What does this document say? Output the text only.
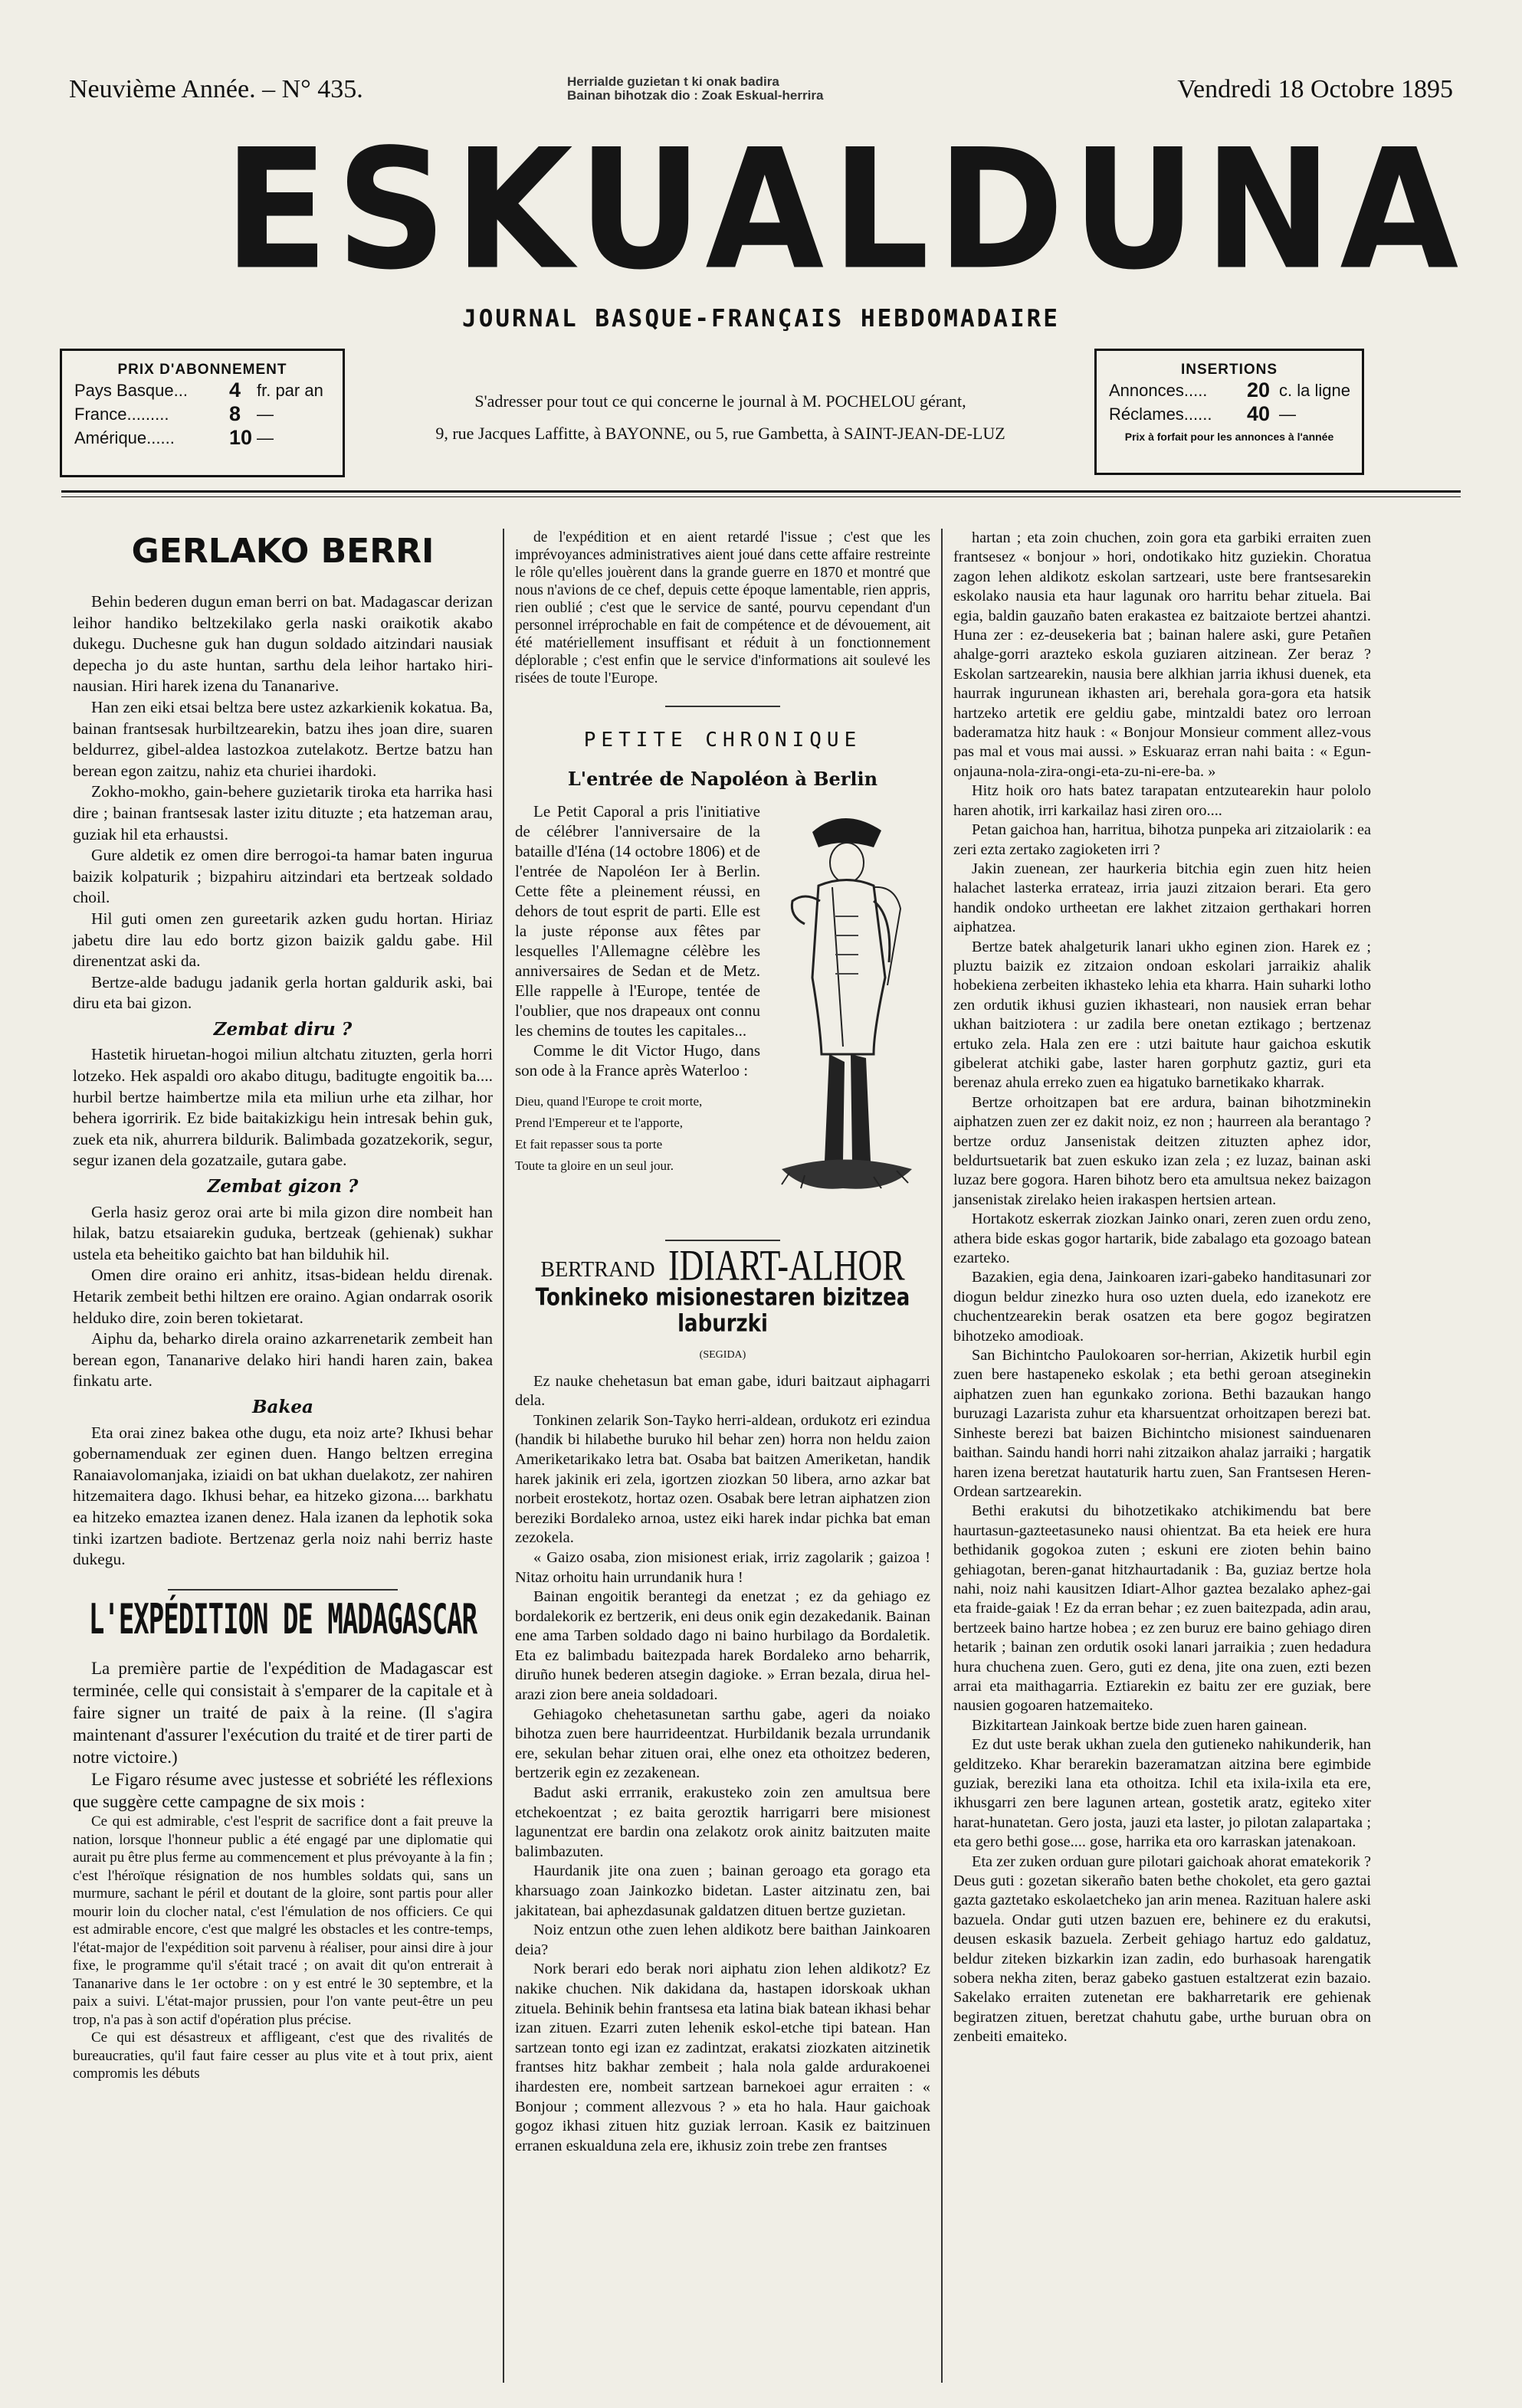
Neuvième Année. – N° 435.	Herrialde guzietan t ki onak badira
Bainan bihotzak dio : Zoak Eskual-herrira	Vendredi 18 Octobre 1895
ESKUALDUNA
JOURNAL BASQUE-FRANÇAIS HEBDOMADAIRE
PRIX D'ABONNEMENT
Pays Basque... 4 fr. par an
France.........	8 —
Amérique......	10 —
S'adresser pour tout ce qui concerne le journal à M. POCHELOU gérant,
9, rue Jacques Laffitte, à BAYONNE, ou 5, rue Gambetta, à SAINT-JEAN-DE-LUZ
INSERTIONS
Annonces..... 20 c. la ligne
Réclames...... 40 —
Prix à forfait pour les annonces à l'année
GERLAKO BERRI

Behin bederen dugun eman berri on bat. Madagascar derizan leihor handiko beltzekilako gerla naski oraikotik akabo dukegu. Duchesne guk han dugun soldado aitzindari nausiak depecha jo du aste huntan, sarthu dela leihor hartako hiri-nausian. Hiri harek izena du Tananarive.

Han zen eiki etsai beltza bere ustez azkarkienik kokatua. Ba, bainan frantsesak hurbiltzearekin, batzu ihes joan dire, suaren beldurrez, gibel-aldea lastozkoa zutelakotz. Bertze batzu han berean egon zaitzu, nahiz eta churiei ihardoki.

Zokho-mokho, gain-behere guzietarik tiroka eta harrika hasi dire ; bainan frantsesak laster izitu dituzte ; eta hatzeman arau, guziak hil eta erhaustsi.

Gure aldetik ez omen dire berrogoi-ta hamar baten ingurua baizik kolpaturik ; bizpahiru aitzindari eta bertzeak soldado choil.

Hil guti omen zen gureetarik azken gudu hortan. Hiriaz jabetu dire lau edo bortz gizon baizik galdu gabe. Hil direnentzat aski da.

Bertze-alde badugu jadanik gerla hortan galdurik aski, bai diru eta bai gizon.

Zembat diru ?

Hastetik hiruetan-hogoi miliun altchatu zituzten, gerla horri lotzeko. Hek aspaldi oro akabo ditugu, baditugte engoitik ba.... hurbil bertze haimbertze mila eta miliun urhe eta zilhar, hor behera igorririk. Ez bide baitakizkigu hein intresak behin guk, zuek eta nik, ahurrera bildurik. Balimbada gozatzekorik, segur, segur izanen dela gozatzaile, gutara gabe.

Zembat gizon ?

Gerla hasiz geroz orai arte bi mila gizon dire nombeit han hilak, batzu etsaiarekin guduka, bertzeak (gehienak) sukhar ustela eta beheitiko gaichto bat han bilduhik hil.

Omen dire oraino eri anhitz, itsas-bidean heldu direnak. Hetarik zembeit bethi hiltzen ere oraino. Agian ondarrak osorik helduko dire, zoin beren tokietarat.

Aiphu da, beharko direla oraino azkarrenetarik zembeit han berean egon, Tananarive delako hiri handi haren zain, bakea finkatu arte.

Bakea

Eta orai zinez bakea othe dugu, eta noiz arte? Ikhusi behar gobernamenduak zer eginen duen. Hango beltzen erregina Ranaiavolomanjaka, iziaidi on bat ukhan duelakotz, zer nahiren hitzemaitera dago. Ikhusi behar, ea hitzeko gizona.... barkhatu ea hitzeko emaztea izanen denez. Hala izanen da lephotik soka tinki izartzen badiote. Bertzenaz gerla noiz nahi berriz haste dukegu.

L'EXPÉDITION DE MADAGASCAR

La première partie de l'expédition de Madagascar est terminée, celle qui consistait à s'emparer de la capitale et à faire signer un traité de paix à la reine. (Il s'agira maintenant d'assurer l'exécution du traité et de tirer parti de notre victoire.)

Le Figaro résume avec justesse et sobriété les réflexions que suggère cette campagne de six mois :

Ce qui est admirable, c'est l'esprit de sacrifice dont a fait preuve la nation, lorsque l'honneur public a été engagé par une diplomatie qui aurait pu être plus ferme au commencement et plus prévoyante à la fin ; c'est l'héroïque résignation de nos humbles soldats qui, sans un murmure, sachant le péril et doutant de la gloire, sont partis pour aller mourir loin du clocher natal, c'est l'émulation de nos officiers. Ce qui est admirable encore, c'est que malgré les obstacles et les contre-temps, l'état-major de l'expédition soit parvenu à réaliser, pour ainsi dire à jour fixe, le programme qu'il s'était tracé ; on avait dit qu'on entrerait à Tananarive dans le 1er octobre : on y est entré le 30 septembre, et la paix a suivi. L'état-major prussien, pour l'on vante peut-être un peu trop, n'a pas à son actif d'opération plus précise.

Ce qui est désastreux et affligeant, c'est que des rivalités de bureaucraties, qu'il faut faire cesser au plus vite et à tout prix, aient compromis les débuts

de l'expédition et en aient retardé l'issue ; c'est que les imprévoyances administratives aient joué dans cette affaire restreinte le rôle qu'elles jouèrent dans la grande guerre en 1870 et montré que nous n'avions de ce chef, depuis cette époque lamentable, rien appris, rien oublié ; c'est que le service de santé, pourvu cependant d'un personnel irréprochable en fait de compétence et de dévouement, ait été matériellement insuffisant et réduit à un fonctionnement déplorable ; c'est enfin que le service d'informations ait soulevé les risées de toute l'Europe.

PETITE CHRONIQUE
L'entrée de Napoléon à Berlin

Le Petit Caporal a pris l'initiative de célébrer l'anniversaire de la bataille d'Iéna (14 octobre 1806) et de l'entrée de Napoléon Ier à Berlin. Cette fête a pleinement réussi, en dehors de tout esprit de parti. Elle est la juste réponse aux fêtes par lesquelles l'Allemagne célèbre les anniversaires de Sedan et de Metz. Elle rappelle à l'Europe, tentée de l'oublier, que nos drapeaux ont connu les chemins de toutes les capitales...

Comme le dit Victor Hugo, dans son ode à la France après Waterloo :

Dieu, quand l'Europe te croit morte,
Prend l'Empereur et te l'apporte,
Et fait repasser sous ta porte
Toute ta gloire en un seul jour.
BERTRAND IDIART-ALHOR
Tonkineko misionestaren bizitzea laburzki
(SEGIDA)

Ez nauke chehetasun bat eman gabe, iduri baitzaut aiphagarri dela.

Tonkinen zelarik Son-Tayko herri-aldean, ordukotz eri ezindua (handik bi hilabethe buruko hil behar zen) horra non heldu zaion Ameriketarikako letra bat. Osaba bat baitzen Ameriketan, handik harek jakinik eri zela, igortzen ziozkan 50 libera, arno azkar bat norbeit erostekotz, hortaz ozen. Osabak bere letran aiphatzen zion bereziki Bordaleko arnoa, ustez eiki harek indar pichka bat eman zezokela.

« Gaizo osaba, zion misionest eriak, irriz zagolarik ; gaizoa ! Nitaz orhoitu hain urrundanik hura !

Bainan engoitik berantegi da enetzat ; ez da gehiago ez bordalekorik ez bertzerik, eni deus onik egin dezakedanik. Bainan ene ama Tarben soldado dago ni baino hurbilago da Bordaletik. Eta ez balimbadu baitezpada harek Bordaleko arno beharrik, diruño hunek bederen atsegin dagioke. » Erran bezala, dirua hel-arazi zion bere aneia soldadoari.

Gehiagoko chehetasunetan sarthu gabe, ageri da noiako bihotza zuen bere haurrideentzat. Hurbildanik bezala urrundanik ere, sekulan behar zituen orai, elhe onez eta othoitzez bederen, bertzerik egin ez zezakenean.

Badut aski errranik, erakusteko zoin zen amultsua bere etchekoentzat ; ez baita geroztik harrigarri bere misionest lagunentzat ere bardin ona zelakotz orok ainitz baitzuten maite balimbazuten.

Haurdanik jite ona zuen ; bainan geroago eta gorago eta kharsuago zoan Jainkozko bidetan. Laster aitzinatu zen, bai jakitatean, bai aphezdasunak galdatzen dituen bertze guzietan.

Noiz entzun othe zuen lehen aldikotz bere baithan Jainkoaren deia?

Nork berari edo berak nori aiphatu zion lehen aldikotz? Ez nakike chuchen. Nik dakidana da, hastapen idorskoak ukhan zituela. Behinik behin frantsesa eta latina biak batean ikhasi behar izan zituen. Ezarri zuten lehenik eskol-etche tipi batean. Han sartzean tonto egi izan ez zadintzat, erakatsi ziozkaten aitzinetik frantses hitz bakhar zembeit ; hala nola galde ardurakoenei ihardesten ere, nombeit sartzean barnekoei agur erraiten : « Bonjour ; comment allezvous ? » eta ho hala. Haur gaichoak gogoz ikhasi zituen hitz guziak lerroan. Kasik ez baitzinuen erranen eskualduna zela ere, ikhusiz zoin trebe zen frantses

hartan ; eta zoin chuchen, zoin gora eta garbiki erraiten zuen frantsesez « bonjour » hori, ondotikako hitz guziekin. Choratua zagon lehen aldikotz eskolan sartzeari, uste bere frantsesarekin eskolako nausia eta haur lagunak oro harritu behar zituela. Bai egia, baldin gauzaño baten erakastea ez baitzaiote bertzei ahantzi. Huna zer : ez-deusekeria bat ; bainan halere aski, gure Petañen ahalge-gorri arazteko eskola guziaren aitzinean. Zer beraz ? Eskolan sartzearekin, nausia bere alkhian jarria ikhusi duenek, eta haurrak ingurunean ikhasten ari, berehala gora-gora eta hatsik hartzeko artetik ere geldiu gabe, mintzaldi batez oro lerroan baderamatza hitz hauk : « Bonjour Monsieur comment allez-vous pas mal et vous mai aussi. » Eskuaraz erran nahi baita : « Egun-onjauna-nola-zira-ongi-eta-zu-ni-ere-ba. »

Hitz hoik oro hats batez tarapatan entzutearekin haur pololo haren ahotik, irri karkailaz hasi ziren oro....

Petan gaichoa han, harritua, bihotza punpeka ari zitzaiolarik : ea zeri ezta zertako zagioketen irri ?

Jakin zuenean, zer haurkeria bitchia egin zuen hitz heien halachet lasterka errateaz, irria jauzi zitzaion berari. Eta gero handik ondoko urtheetan ere lakhet zitzaion gerthakari horren aiphatzea.

Bertze batek ahalgeturik lanari ukho eginen zion. Harek ez ; pluztu baizik ez zitzaion ondoan eskolari jarraikiz ahalik hobekiena zerbeiten ikhasteko lehia eta kharra. Hain suharki lotho zen ordutik ikhusi guzien ikhasteari, non nausiek erran behar ukhan baitziotera : ur zadila bere onetan eztikago ; bertzenaz ertuko zela. Hala zen ere : utzi baitute haur gaichoa eskutik gibelerat atchiki gabe, laster haren gorphutz gaztiz, guri eta berenaz ahula erreko zuen ea higatuko barnetikako kharrak.

Bertze orhoitzapen bat ere ardura, bainan bihotzminekin aiphatzen zuen zer ez dakit noiz, ez non ; haurreen ala berantago ? bertze orduz Jansenistak deitzen zituzten aphez idor, beldurtsuetarik bat zuen eskuko izan zela ; ez luzaz, bainan aski luzaz bere gogora. Haren bihotz bero eta amultsua nekez baizagon jansenistak zirelako heien irakaspen hertsien artean.

Hortakotz eskerrak ziozkan Jainko onari, zeren zuen ordu zeno, athera bide eskas gogor hartarik, bide zabalago eta gozoago batean ezarteko.

Bazakien, egia dena, Jainkoaren izari-gabeko handitasunari zor diogun beldur zinezko hura oso uzten duela, edo izanekotz ere chuchentzearekin berak osatzen eta bere gogoz begiratzen bihotzeko amodioak.

San Bichintcho Paulokoaren sor-herrian, Akizetik hurbil egin zuen bere hastapeneko eskolak ; eta bethi geroan atseginekin aiphatzen zuen han egunkako zoriona. Bethi bazaukan hango buruzagi Lazarista zuhur eta kharsuentzat orhoitzapen berezi bat. Sinheste berezi bat baizen Bichintcho misionest sainduenaren baithan. Saindu handi horri nahi zitzaikon ahalaz jarraiki ; hargatik haren izena beretzat hautaturik hartu zuen, San Frantsesen Heren-Ordean sartzearekin.

Bethi erakutsi du bihotzetikako atchikimendu bat bere haurtasun-gazteetasuneko nausi ohientzat. Ba eta heiek ere hura bethidanik gogokoa zuten ; eskuni ere zioten behin baino gehiagotan, beren-ganat hitzhaurtadanik : Ba, guziaz bertze hola nahi, noiz nahi kausitzen Idiart-Alhor gaztea bezalako aphez-gai eta fraide-gaiak ! Ez da erran behar ; ez zuen baitezpada, adin arau, bertzeek baino hartze hobea ; ez zen buruz ere baino gehiago diren hetarik ; bainan zen ordutik osoki lanari jarraikia ; zuen hedadura hura chuchena zuen. Gero, guti ez dena, jite ona zuen, ezti bezen arrai eta maithagarria. Eztiarekin ez baitu zer ere guziak, bere nausien gogoaren hatzemaiteko.

Bizkitartean Jainkoak bertze bide zuen haren gainean.

Ez dut uste berak ukhan zuela den gutieneko nahikunderik, han gelditzeko. Khar berarekin bazeramatzan aitzina bere egimbide guziak, bereziki lana eta othoitza. Ichil eta ixila-ixila eta ere, ikhusgarri zen bere lagunen artean, gostetik aratz, egiteko xiter harat-hunatetan. Gero josta, jauzi eta laster, jo pilotan zalapartaka ; eta gero bethi gose.... gose, harrika eta oro karraskan jatenakoan.

Eta zer zuken orduan gure pilotari gaichoak ahorat ematekorik ? Deus guti : gozetan sikeraño baten bethe chokolet, eta gero gaztai gazta gaztetako eskolaetcheko jan arin menea. Razituan halere aski bazuela. Ondar guti utzen bazuen ere, behinere ez du erakutsi, deusen eskasik bazuela. Zerbeit gehiago hartuz edo galdatuz, beldur ziteken bizkarkin izan zadin, edo burhasoak harengatik sobera nekha ziten, beraz gabeko gastuen estaltzerat ezin bazaio. Sakelako erraiten zutenetan ere bakharretarik ere gehienak begiratzen zituen, beretzat chahutu gabe, urthe buruan obra on zenbeiti emaiteko.
